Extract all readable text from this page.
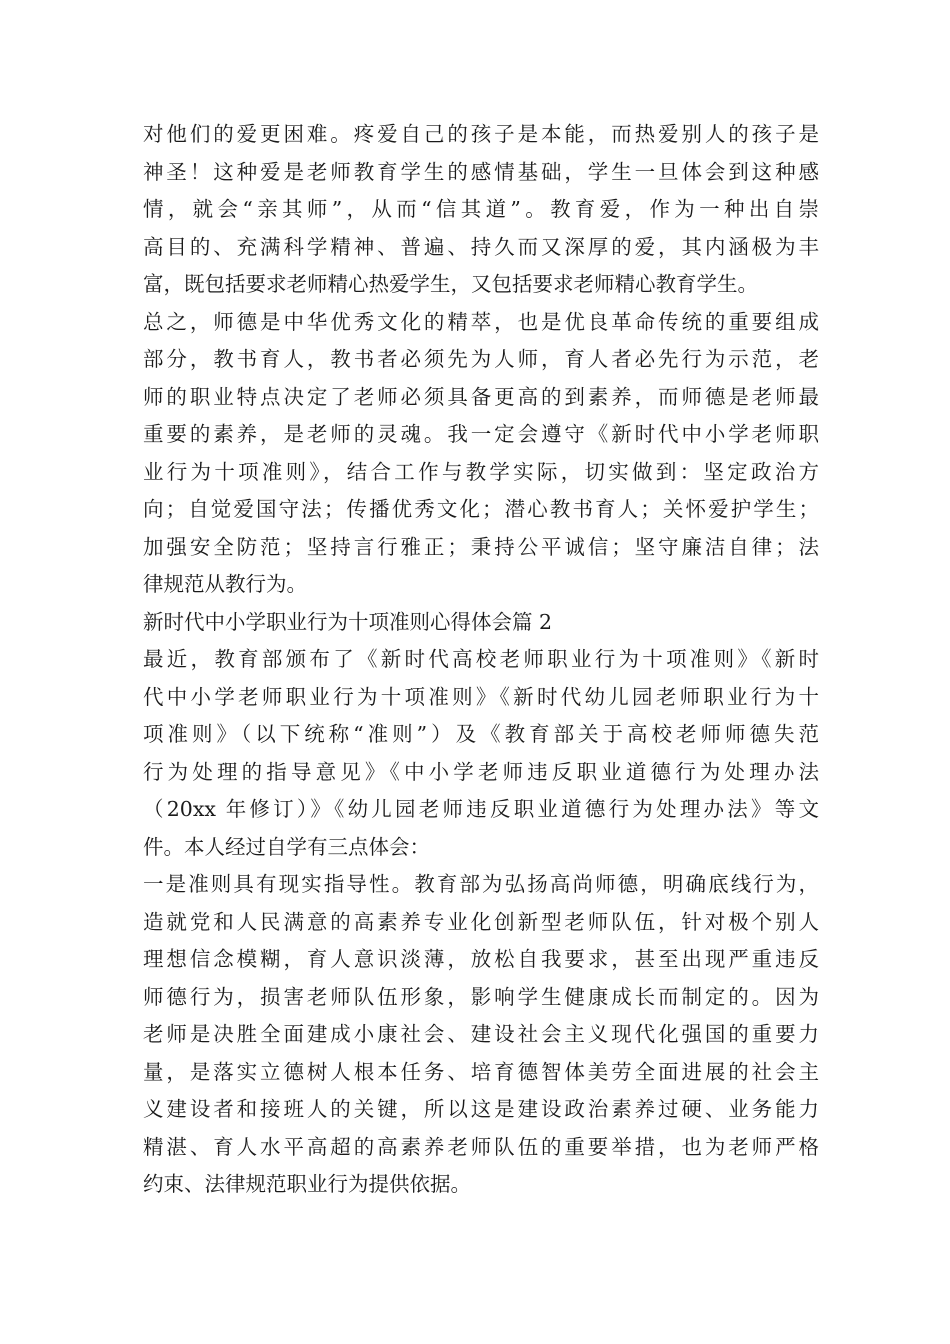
对他们的爱更困难。疼爱自己的孩子是本能，而热爱别人的孩子是
神圣！这种爱是老师教育学生的感情基础，学生一旦体会到这种感
情，就会“亲其师”，从而“信其道”。教育爱，作为一种出自崇
高目的、充满科学精神、普遍、持久而又深厚的爱，其内涵极为丰
富，既包括要求老师精心热爱学生，又包括要求老师精心教育学生。
总之，师德是中华优秀文化的精萃，也是优良革命传统的重要组成
部分，教书育人，教书者必须先为人师，育人者必先行为示范，老
师的职业特点决定了老师必须具备更高的到素养，而师德是老师最
重要的素养，是老师的灵魂。我一定会遵守《新时代中小学老师职
业行为十项准则》，结合工作与教学实际，切实做到：坚定政治方
向；自觉爱国守法；传播优秀文化；潜心教书育人；关怀爱护学生；
加强安全防范；坚持言行雅正；秉持公平诚信；坚守廉洁自律；法
律规范从教行为。
新时代中小学职业行为十项准则心得体会篇 2
最近，教育部颁布了《新时代高校老师职业行为十项准则》《新时
代中小学老师职业行为十项准则》《新时代幼儿园老师职业行为十
项准则》（以下统称“准则”）及《教育部关于高校老师师德失范
行为处理的指导意见》《中小学老师违反职业道德行为处理办法
（20xx 年修订）》《幼儿园老师违反职业道德行为处理办法》等文
件。本人经过自学有三点体会：
一是准则具有现实指导性。教育部为弘扬高尚师德，明确底线行为，
造就党和人民满意的高素养专业化创新型老师队伍，针对极个别人
理想信念模糊，育人意识淡薄，放松自我要求，甚至出现严重违反
师德行为，损害老师队伍形象，影响学生健康成长而制定的。因为
老师是决胜全面建成小康社会、建设社会主义现代化强国的重要力
量，是落实立德树人根本任务、培育德智体美劳全面进展的社会主
义建设者和接班人的关键，所以这是建设政治素养过硬、业务能力
精湛、育人水平高超的高素养老师队伍的重要举措，也为老师严格
约束、法律规范职业行为提供依据。
